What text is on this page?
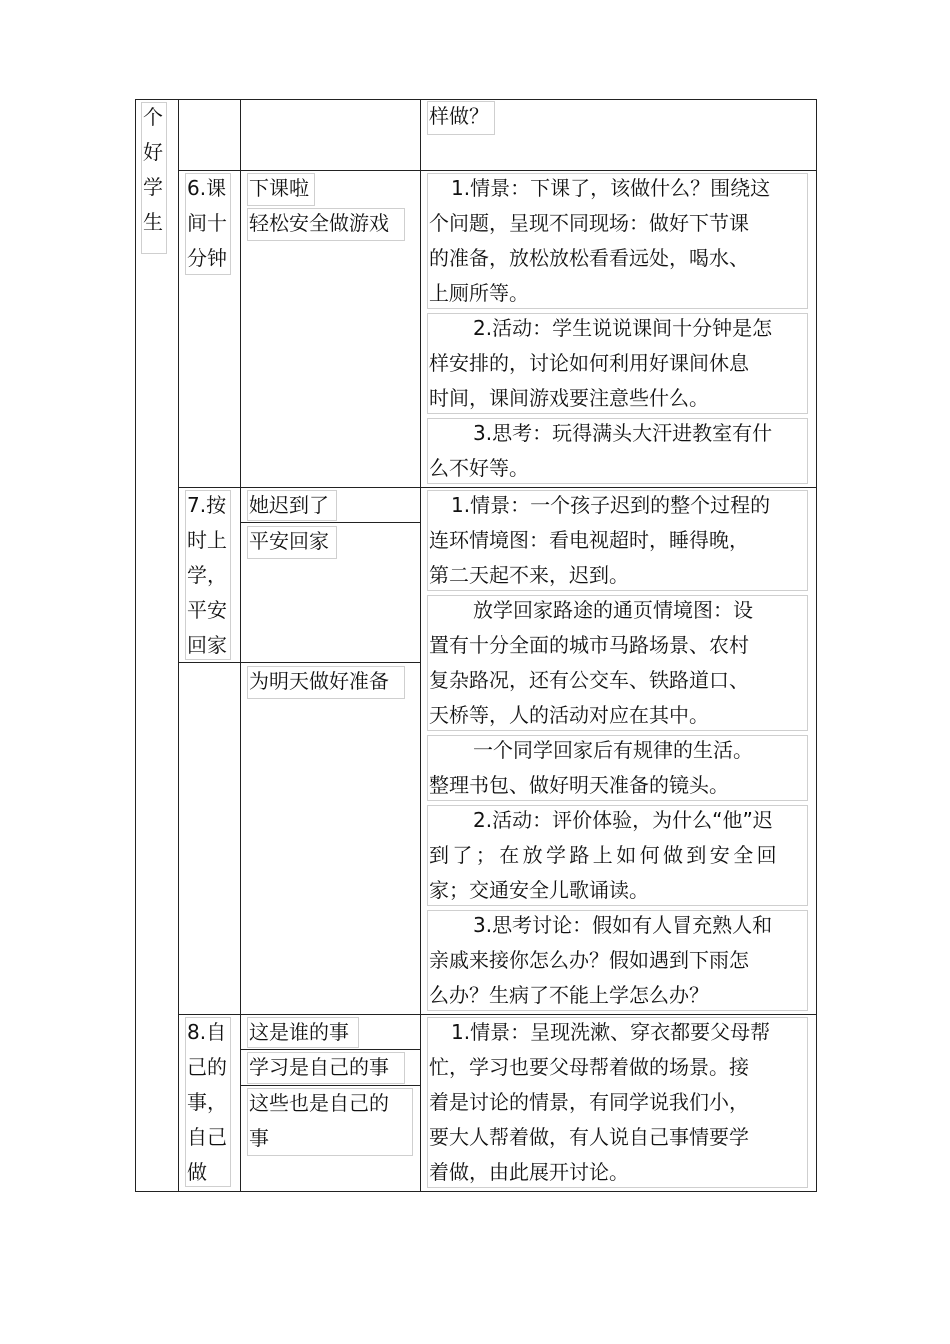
个
好
学
生
样做？
6.课
间十
分钟
下课啦
轻松安全做游戏
1.情景：下课了，该做什么？围绕这
个问题，呈现不同现场：做好下节课
的准备，放松放松看看远处，喝水、
上厕所等。
2.活动：学生说说课间十分钟是怎
样安排的，讨论如何利用好课间休息
时间，课间游戏要注意些什么。
3.思考：玩得满头大汗进教室有什
么不好等。
7.按
时上
学，
平安
回家
她迟到了
平安回家
为明天做好准备
1.情景：一个孩子迟到的整个过程的
连环情境图：看电视超时，睡得晚，
第二天起不来，迟到。
放学回家路途的通页情境图：设
置有十分全面的城市马路场景、农村
复杂路况，还有公交车、铁路道口、
天桥等，人的活动对应在其中。
一个同学回家后有规律的生活。
整理书包、做好明天准备的镜头。
2.活动：评价体验，为什么“他”迟
到了；在放学路上如何做到安全回
家；交通安全儿歌诵读。
3.思考讨论：假如有人冒充熟人和
亲戚来接你怎么办？假如遇到下雨怎
么办？生病了不能上学怎么办？
8.自
己的
事，
自己
做
这是谁的事
学习是自己的事
这些也是自己的
事
1.情景：呈现洗漱、穿衣都要父母帮
忙，学习也要父母帮着做的场景。接
着是讨论的情景，有同学说我们小，
要大人帮着做，有人说自己事情要学
着做，由此展开讨论。
